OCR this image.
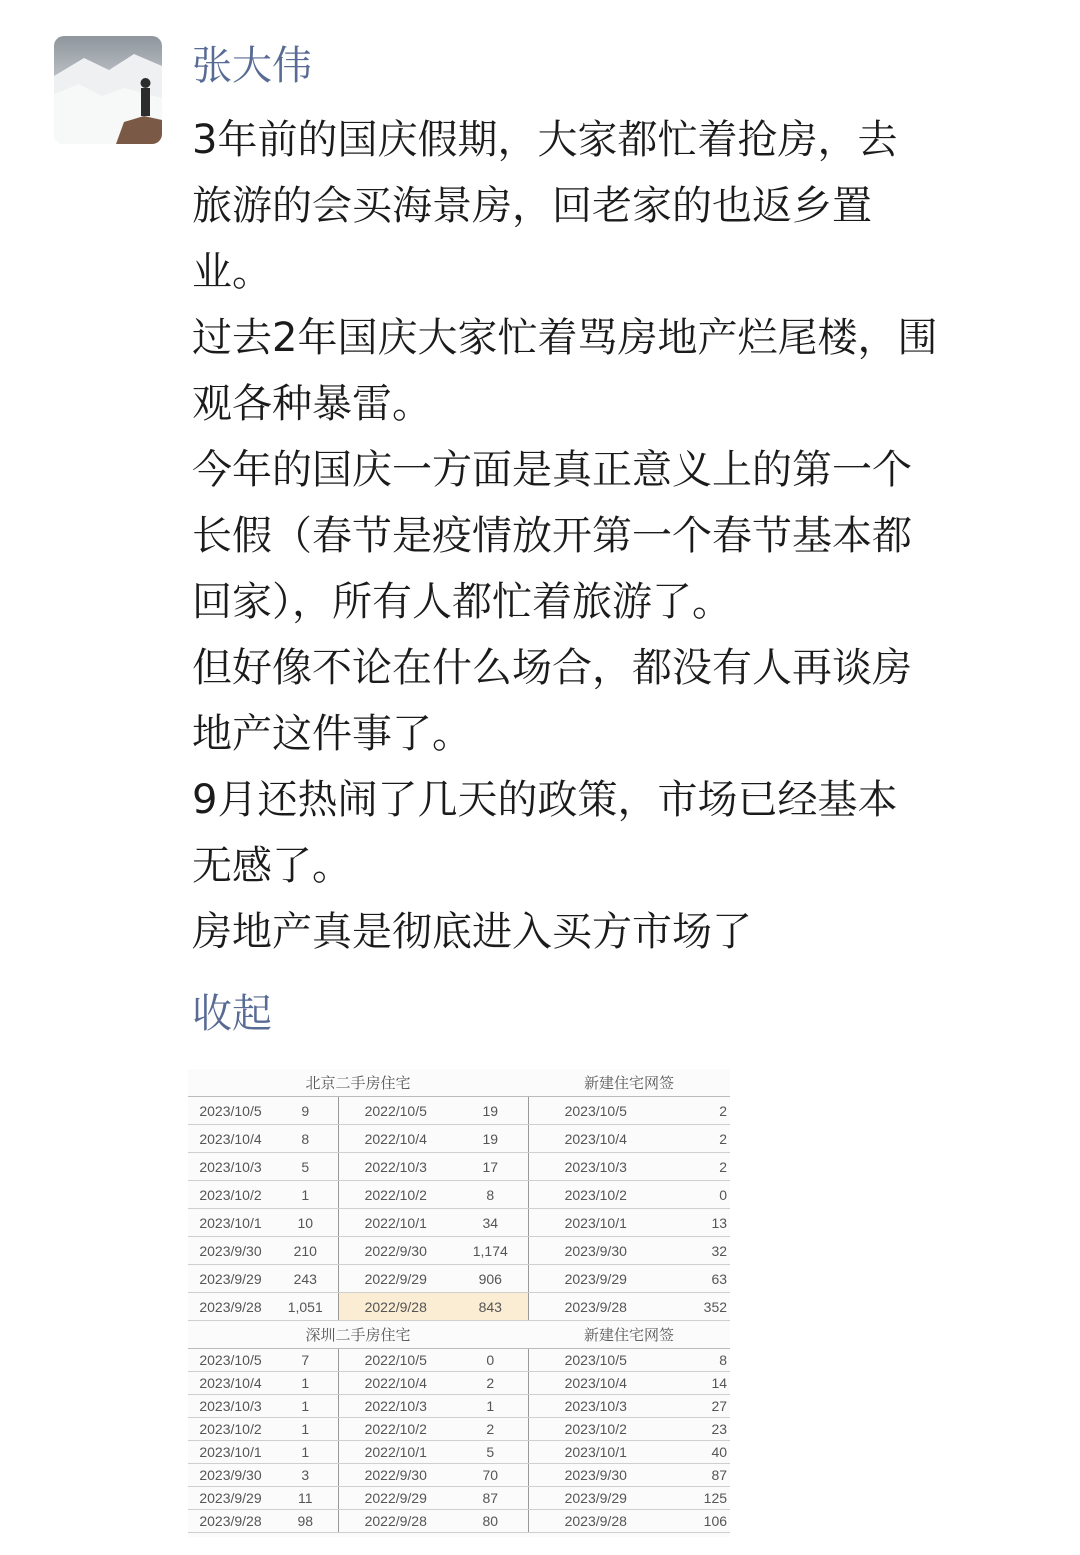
张大伟
3年前的国庆假期，大家都忙着抢房，去
旅游的会买海景房，回老家的也返乡置
业。
过去2年国庆大家忙着骂房地产烂尾楼，围
观各种暴雷。
今年的国庆一方面是真正意义上的第一个
长假（春节是疫情放开第一个春节基本都
回家），所有人都忙着旅游了。
但好像不论在什么场合，都没有人再谈房
地产这件事了。
9月还热闹了几天的政策，市场已经基本
无感了。
房地产真是彻底进入买方市场了
收起
北京二手房住宅				新建住宅网签	
2023/10/5	9	2022/10/5	19	2023/10/5	2
2023/10/4	8	2022/10/4	19	2023/10/4	2
2023/10/3	5	2022/10/3	17	2023/10/3	2
2023/10/2	1	2022/10/2	8	2023/10/2	0
2023/10/1	10	2022/10/1	34	2023/10/1	13
2023/9/30	210	2022/9/30	1,174	2023/9/30	32
2023/9/29	243	2022/9/29	906	2023/9/29	63
2023/9/28	1,051	2022/9/28	843	2023/9/28	352
深圳二手房住宅				新建住宅网签	
2023/10/5	7	2022/10/5	0	2023/10/5	8
2023/10/4	1	2022/10/4	2	2023/10/4	14
2023/10/3	1	2022/10/3	1	2023/10/3	27
2023/10/2	1	2022/10/2	2	2023/10/2	23
2023/10/1	1	2022/10/1	5	2023/10/1	40
2023/9/30	3	2022/9/30	70	2023/9/30	87
2023/9/29	11	2022/9/29	87	2023/9/29	125
2023/9/28	98	2022/9/28	80	2023/9/28	106
